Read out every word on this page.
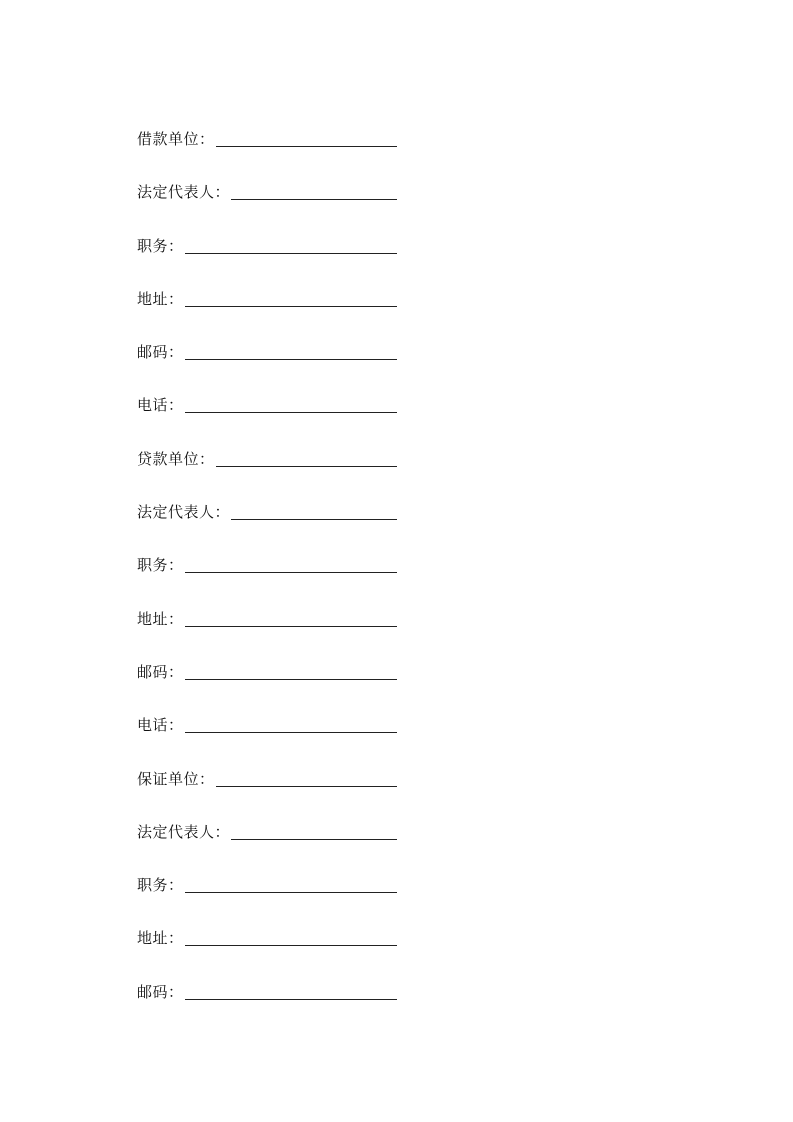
借款单位：
法定代表人：
职务：
地址：
邮码：
电话：
贷款单位：
法定代表人：
职务：
地址：
邮码：
电话：
保证单位：
法定代表人：
职务：
地址：
邮码：
